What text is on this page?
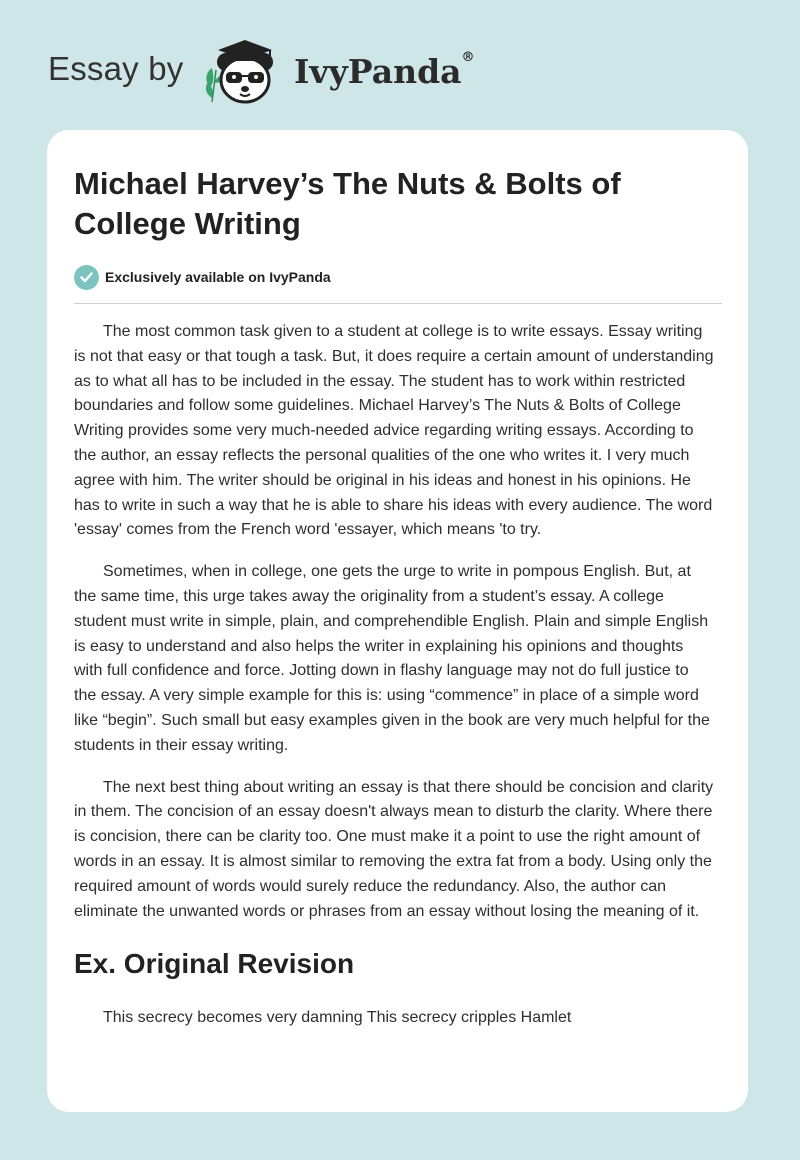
Essay by	IvyPanda®
Michael Harvey’s The Nuts & Bolts of College Writing
Exclusively available on IvyPanda

The most common task given to a student at college is to write essays. Essay writing is not that easy or that tough a task. But, it does require a certain amount of understanding as to what all has to be included in the essay. The student has to work within restricted boundaries and follow some guidelines. Michael Harvey’s The Nuts & Bolts of College Writing provides some very much-needed advice regarding writing essays. According to the author, an essay reflects the personal qualities of the one who writes it. I very much agree with him. The writer should be original in his ideas and honest in his opinions. He has to write in such a way that he is able to share his ideas with every audience. The word 'essay' comes from the French word 'essayer, which means 'to try.

Sometimes, when in college, one gets the urge to write in pompous English. But, at the same time, this urge takes away the originality from a student’s essay. A college student must write in simple, plain, and comprehendible English. Plain and simple English is easy to understand and also helps the writer in explaining his opinions and thoughts with full confidence and force. Jotting down in flashy language may not do full justice to the essay. A very simple example for this is: using “commence” in place of a simple word like “begin”. Such small but easy examples given in the book are very much helpful for the students in their essay writing.

The next best thing about writing an essay is that there should be concision and clarity in them. The concision of an essay doesn't always mean to disturb the clarity. Where there is concision, there can be clarity too. One must make it a point to use the right amount of words in an essay. It is almost similar to removing the extra fat from a body. Using only the required amount of words would surely reduce the redundancy. Also, the author can eliminate the unwanted words or phrases from an essay without losing the meaning of it.

Ex. Original Revision

This secrecy becomes very damning This secrecy cripples Hamlet
